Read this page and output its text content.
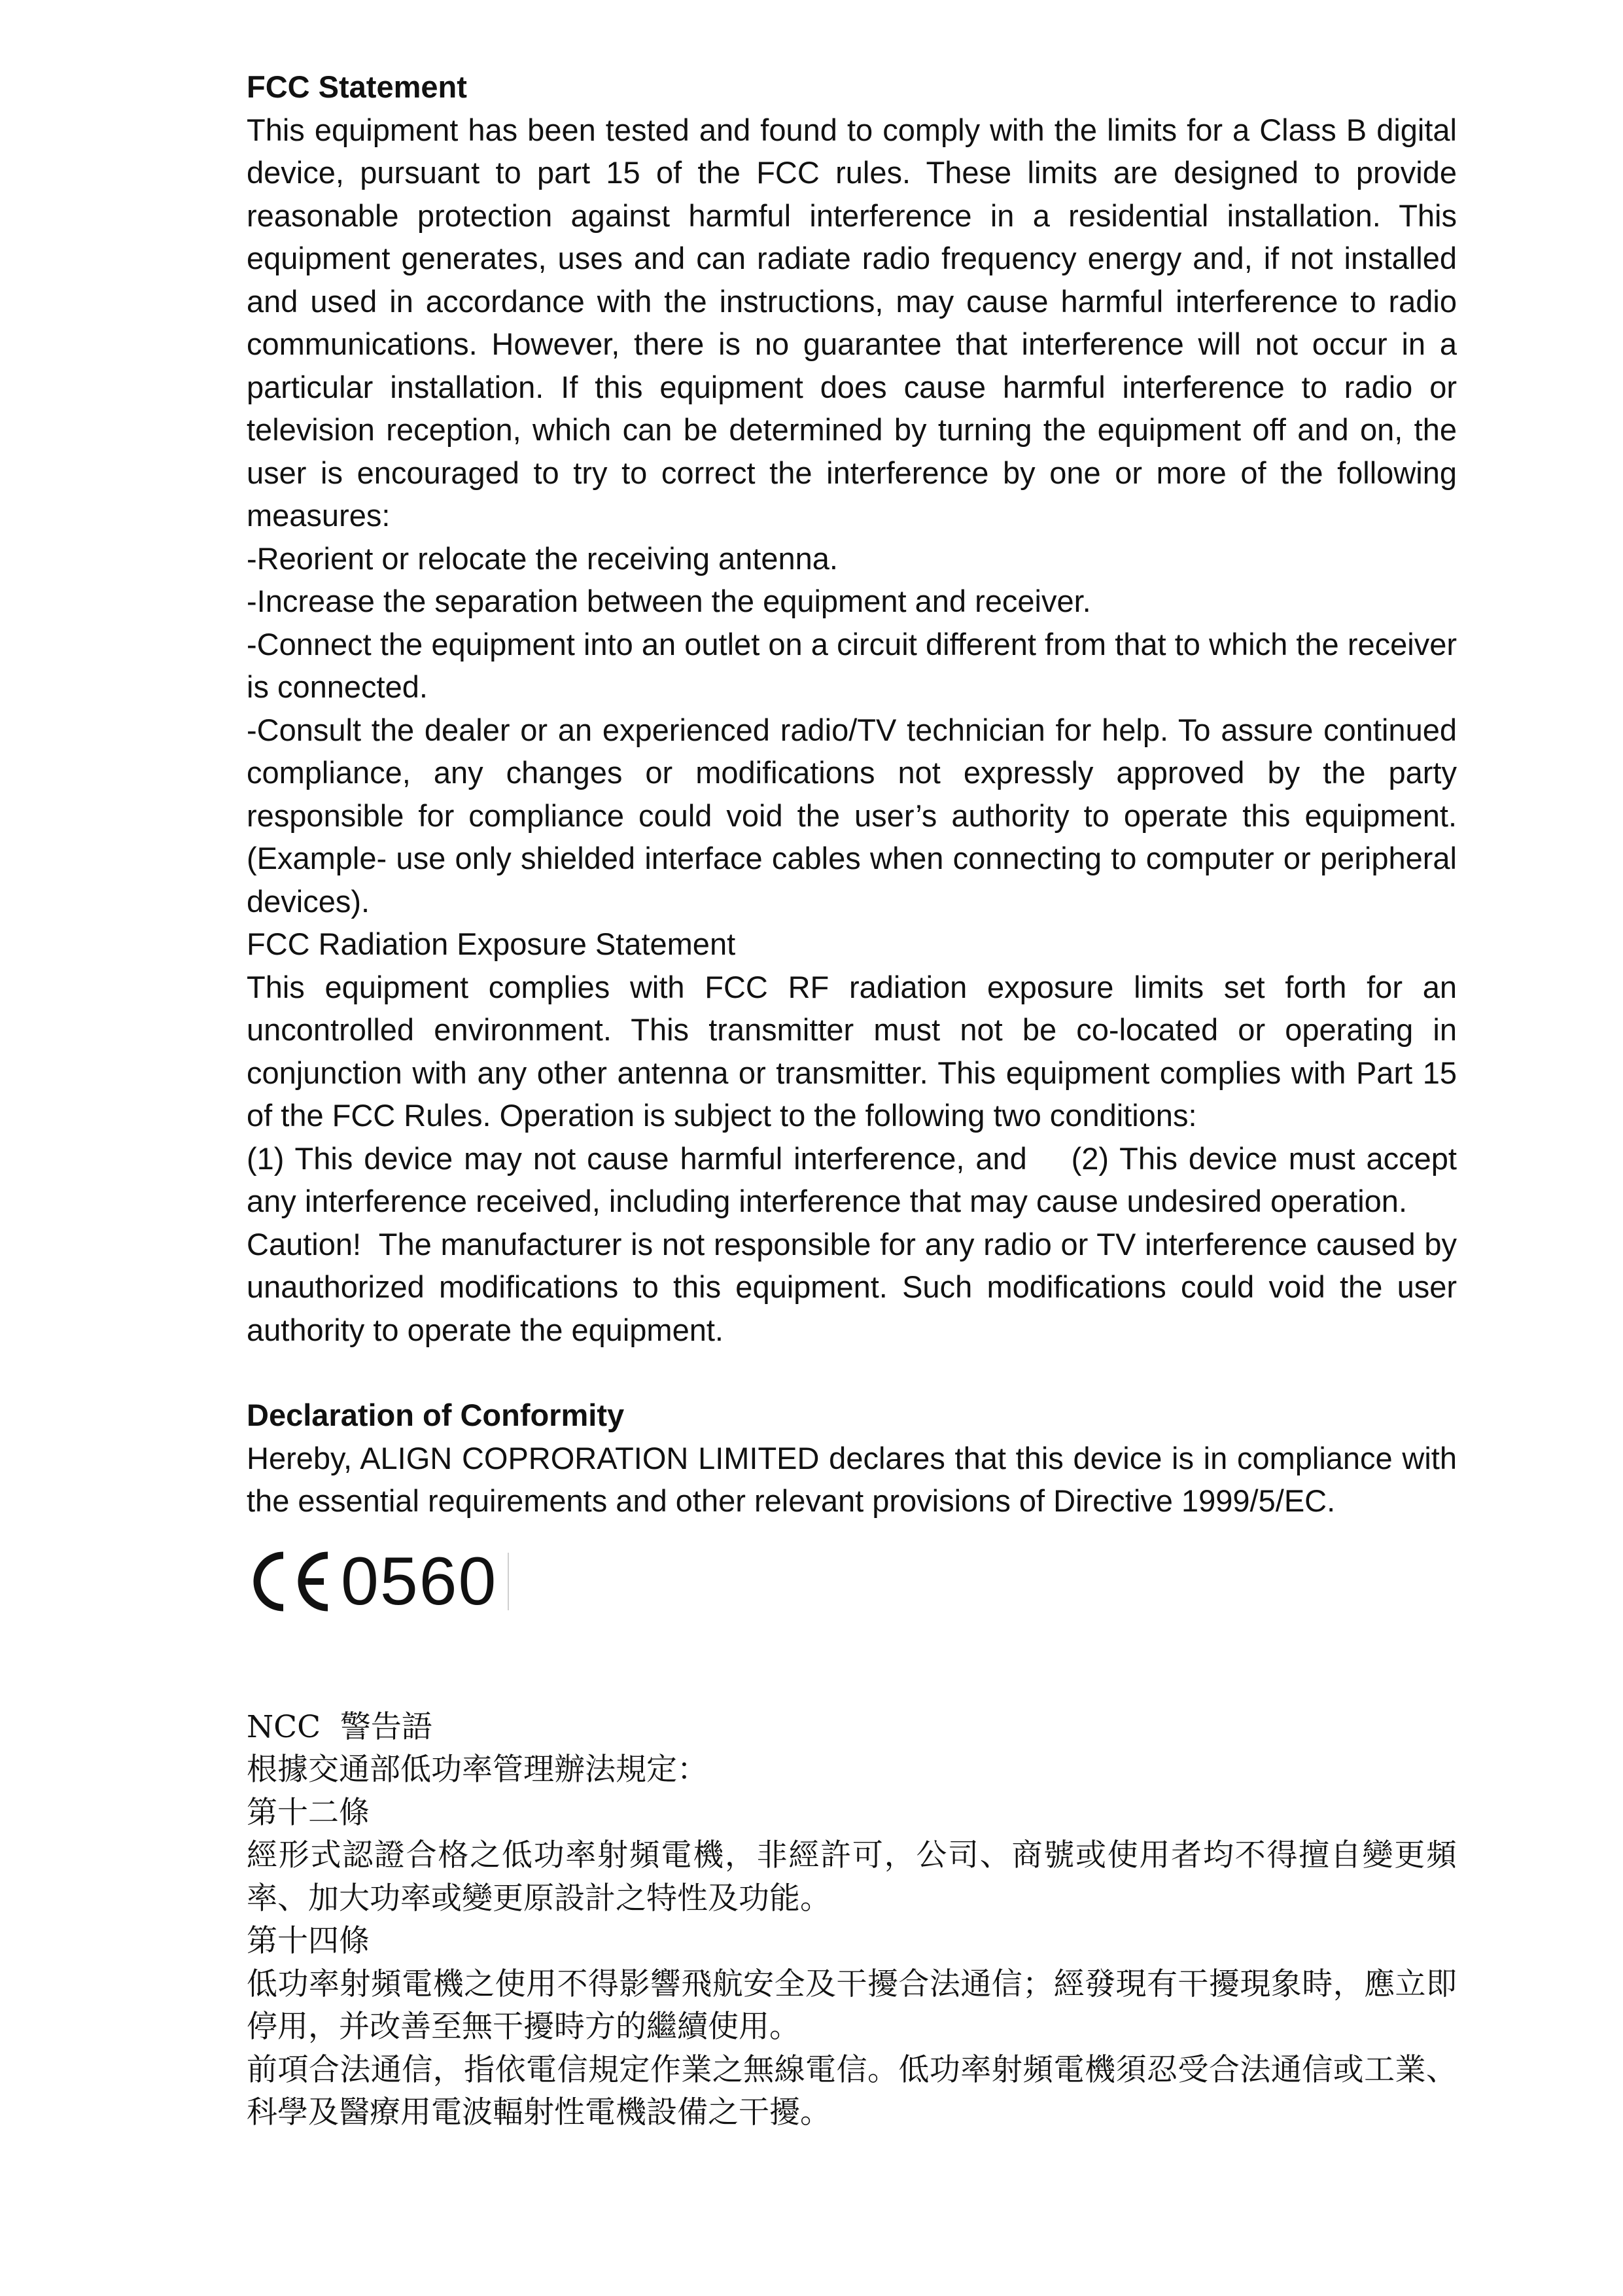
FCC Statement

This equipment has been tested and found to comply with the limits for a Class B digital device, pursuant to part 15 of the FCC rules. These limits are designed to provide reasonable protection against harmful interference in a residential installation. This equipment generates, uses and can radiate radio frequency energy and, if not installed and used in accordance with the instructions, may cause harmful interference to radio communications. However, there is no guarantee that interference will not occur in a particular installation. If this equipment does cause harmful interference to radio or television reception, which can be determined by turning the equipment off and on, the user is encouraged to try to correct the interference by one or more of the following measures:

-Reorient or relocate the receiving antenna.

-Increase the separation between the equipment and receiver.

-Connect the equipment into an outlet on a circuit different from that to which the receiver is connected.

-Consult the dealer or an experienced radio/TV technician for help. To assure continued compliance, any changes or modifications not expressly approved by the party responsible for compliance could void the user’s authority to operate this equipment. (Example- use only shielded interface cables when connecting to computer or peripheral devices).

FCC Radiation Exposure Statement

This equipment complies with FCC RF radiation exposure limits set forth for an uncontrolled environment. This transmitter must not be co-located or operating in conjunction with any other antenna or transmitter. This equipment complies with Part 15 of the FCC Rules. Operation is subject to the following two conditions:

(1) This device may not cause harmful interference, and    (2) This device must accept any interference received, including interference that may cause undesired operation.

Caution!  The manufacturer is not responsible for any radio or TV interference caused by unauthorized modifications to this equipment. Such modifications could void the user authority to operate the equipment.

Declaration of Conformity

Hereby, ALIGN COPRORATION LIMITED declares that this device is in compliance with the essential requirements and other relevant provisions of Directive 1999/5/EC.

0560

NCC  警告語

根據交通部低功率管理辦法規定：

第十二條

經形式認證合格之低功率射頻電機，非經許可，公司、商號或使用者均不得擅自變更頻率、加大功率或變更原設計之特性及功能。

第十四條

低功率射頻電機之使用不得影響飛航安全及干擾合法通信；經發現有干擾現象時，應立即停用，并改善至無干擾時方的繼續使用。

前項合法通信，指依電信規定作業之無線電信。低功率射頻電機須忍受合法通信或工業、科學及醫療用電波輻射性電機設備之干擾。
